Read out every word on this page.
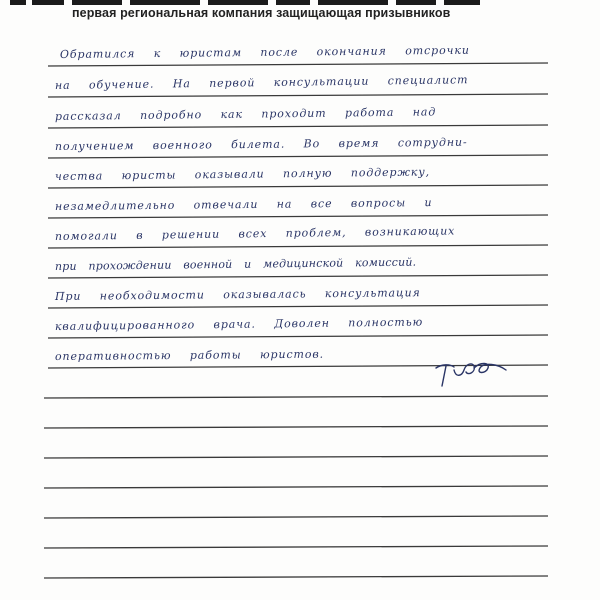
первая региональная компания защищающая призывников
Обратился к юристам после окончания отсрочки
на обучение. На первой консультации специалист
рассказал подробно как проходит работа над
получением военного билета. Во время сотрудни-
чества юристы оказывали полную поддержку,
незамедлительно отвечали на все вопросы и
помогали в решении всех проблем, возникающих
при прохождении военной и медицинской комиссий.
При необходимости оказывалась консультация
квалифицированного врача. Доволен полностью
оперативностью работы юристов.
